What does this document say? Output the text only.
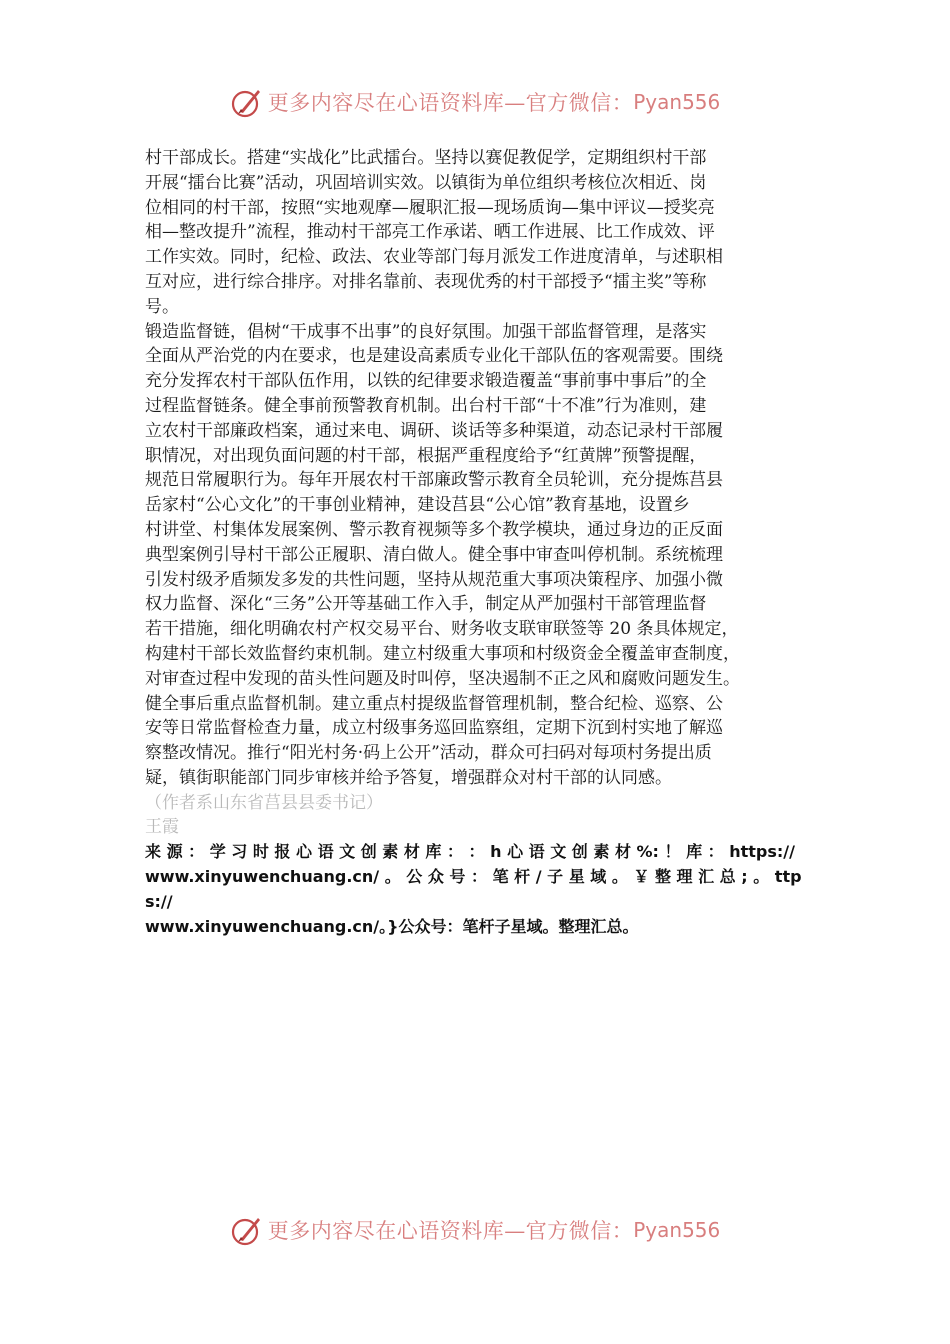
更多内容尽在心语资料库—官方微信： Pyan556

村干部成长。搭建“实战化”比武擂台。坚持以赛促教促学，定期组织村干部
开展“擂台比赛”活动，巩固培训实效。以镇街为单位组织考核位次相近、岗
位相同的村干部，按照“实地观摩—履职汇报—现场质询—集中评议—授奖亮
相—整改提升”流程，推动村干部亮工作承诺、晒工作进展、比工作成效、评
工作实效。同时，纪检、政法、农业等部门每月派发工作进度清单，与述职相
互对应，进行综合排序。对排名靠前、表现优秀的村干部授予“擂主奖”等称
号。

锻造监督链，倡树“干成事不出事”的良好氛围。加强干部监督管理，是落实
全面从严治党的内在要求，也是建设高素质专业化干部队伍的客观需要。围绕
充分发挥农村干部队伍作用，以铁的纪律要求锻造覆盖“事前事中事后”的全
过程监督链条。健全事前预警教育机制。出台村干部“十不准”行为准则，建
立农村干部廉政档案，通过来电、调研、谈话等多种渠道，动态记录村干部履
职情况，对出现负面问题的村干部，根据严重程度给予“红黄牌”预警提醒，
规范日常履职行为。每年开展农村干部廉政警示教育全员轮训，充分提炼莒县
岳家村“公心文化”的干事创业精神，建设莒县“公心馆”教育基地，设置乡
村讲堂、村集体发展案例、警示教育视频等多个教学模块，通过身边的正反面
典型案例引导村干部公正履职、清白做人。健全事中审查叫停机制。系统梳理
引发村级矛盾频发多发的共性问题，坚持从规范重大事项决策程序、加强小微
权力监督、深化“三务”公开等基础工作入手，制定从严加强村干部管理监督
若干措施，细化明确农村产权交易平台、财务收支联审联签等 20 条具体规定，
构建村干部长效监督约束机制。建立村级重大事项和村级资金全覆盖审查制度，
对审查过程中发现的苗头性问题及时叫停，坚决遏制不正之风和腐败问题发生。
健全事后重点监督机制。建立重点村提级监督管理机制，整合纪检、巡察、公
安等日常监督检查力量，成立村级事务巡回监察组，定期下沉到村实地了解巡
察整改情况。推行“阳光村务·码上公开”活动，群众可扫码对每项村务提出质
疑，镇街职能部门同步审核并给予答复，增强群众对村干部的认同感。

（作者系山东省莒县县委书记）

王霞

来 源 ： 学 习 时 报 心 语 文 创 素 材 库 ： ： h 心 语 文 创 素 材 %: ！ 库 ： https://
www.xinyuwenchuang.cn/ 。 公 众 号 ： 笔 杆 / 子 星 域 。 ￥ 整 理 汇 总 ; 。 ttps://
www.xinyuwenchuang.cn/。}公众号：笔杆子星域。整理汇总。

更多内容尽在心语资料库—官方微信： Pyan556
